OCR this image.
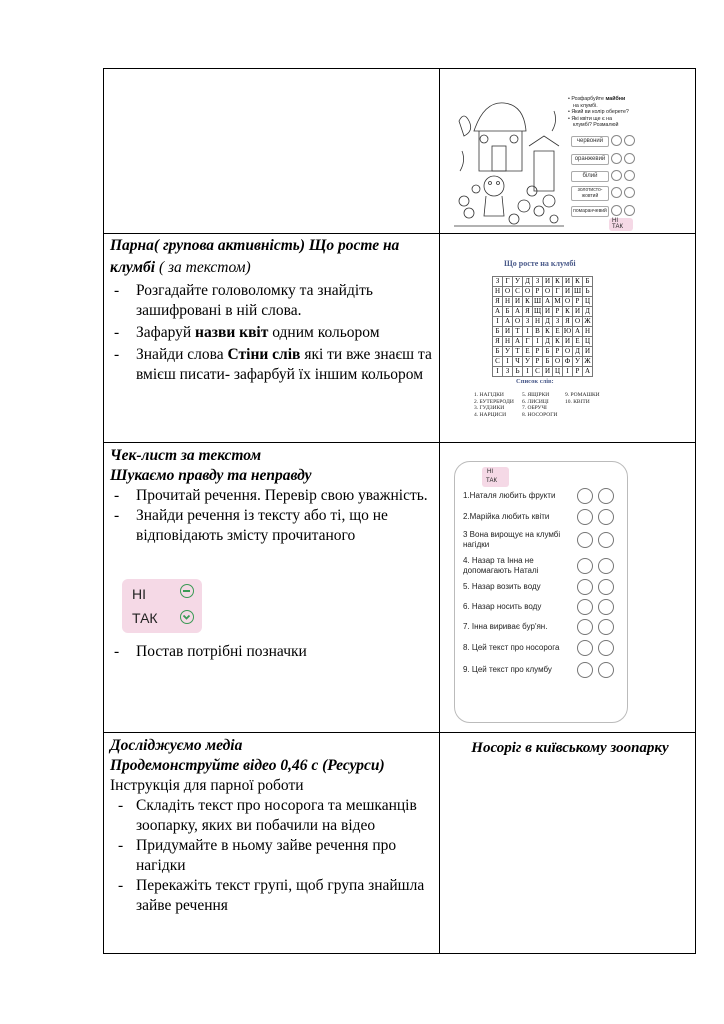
• Розфарбуйте майбни
на клумбі.
• Який ви колір оберете?
• Які квіти ще є на
клумбі? Розмалюй
червоний
оранжевий
білий
золотисто-жовтий
помаранчевий
НІ
ТАК
Парна( групова активність) Що росте на
клумбі ( за текстом)
- Розгадайте головоломку та знайдіть зашифровані в ній слова.
- Зафаруй назви квіт одним кольором
- Знайди слова Стіни слів які ти вже знаєш та вмієш писати- зафарбуй їх іншим кольором
Що росте на клумбі
З	Г	У	Д	З	И	К	И	К	Б
Н	О	С	О	Р	О	Г	И	Ш	Ь
Я	Н	И	К	Ш	А	М	О	Р	Ц
А	Б	А	Я	Щ	И	Р	К	И	Д
І	А	О	З	Н	Д	З	Я	О	Ж
Б	И	Т	І	В	К	Е	Ю	А	Н
Я	Н	А	Г	І	Д	К	И	Е	Ц
Б	У	Т	Е	Р	Б	Р	О	Д	И
С	І	Ч	У	Р	Б	О	Ф	У	Ж
І	З	Ь	І	С	И	Ц	І	Р	А
Список слів:
1. НАГІДКИ
2. БУТЕРБРОДИ
3. ГУДЗИКИ
4. НАРЦИСИ
5. ЯЩІРКИ
6. ЛИСИЦІ
7. ОБРУЧІ
8. НОСОРОГИ
9. РОМАШКИ
10. КВІТИ
Чек-лист за текстом
Шукаємо правду та неправду
- Прочитай речення. Перевір свою уважність.
- Знайди речення із тексту або ті, що не відповідають змісту прочитаного
- Постав потрібні позначки
НІ
ТАК
НІ
ТАК
1.Наталя любить фрукти
2.Марійка любить квіти
3 Вона вирощує на клумбі нагідки
4. Назар та Інна не допомагають Наталі
5. Назар возить воду
6. Назар носить воду
7. Інна вириває бур'ян.
8. Цей текст про носорога
9. Цей текст про клумбу
Досліджуємо медіа
Продемонструйте відео 0,46 с (Ресурси)
Інструкція для парної роботи
- Складіть текст про носорога та мешканців зоопарку, яких ви побачили на відео
- Придумайте в ньому зайве речення про нагідки
- Перекажіть текст групі, щоб група знайшла зайве речення
Носоріг в київському зоопарку
